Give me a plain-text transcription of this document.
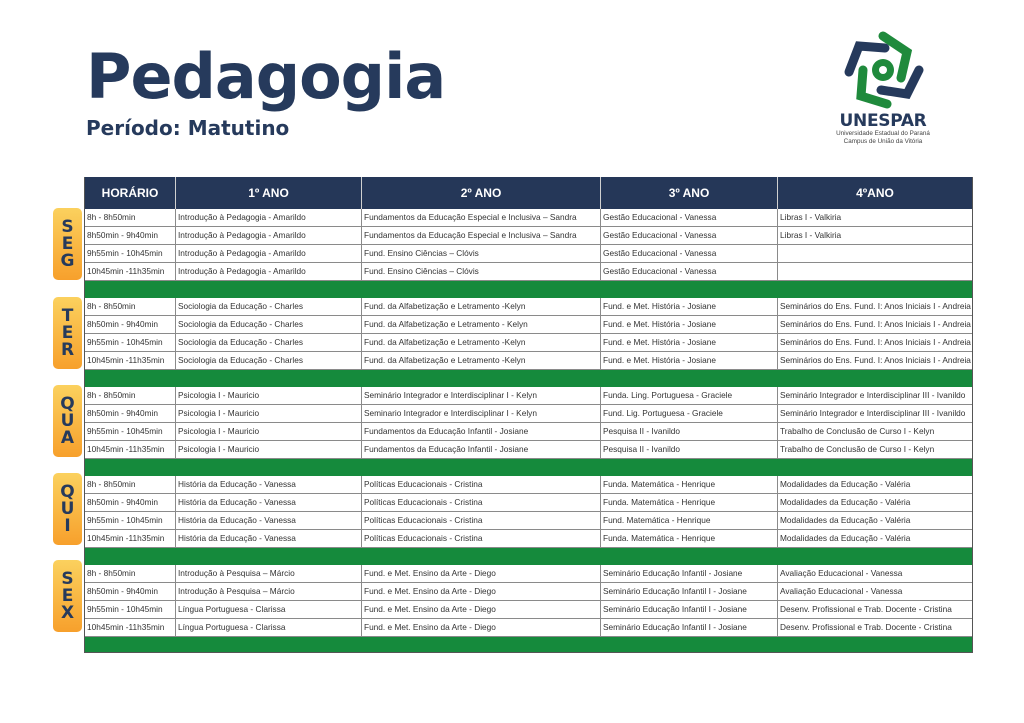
Pedagogia
Período: Matutino	UNESPAR
Universidade Estadual do Paraná
Campus de União da Vitória
HORÁRIO	1º ANO	2º ANO	3º ANO	4ºANO
8h - 8h50min	Introdução à Pedagogia - Amarildo	Fundamentos da Educação Especial e Inclusiva – Sandra	Gestão Educacional - Vanessa	Libras I - Valkiria
8h50min - 9h40min	Introdução à Pedagogia - Amarildo	Fundamentos da Educação Especial e Inclusiva – Sandra	Gestão Educacional - Vanessa	Libras I - Valkiria
9h55min - 10h45min	Introdução à Pedagogia - Amarildo	Fund. Ensino Ciências – Clóvis	Gestão Educacional - Vanessa
10h45min -11h35min	Introdução à Pedagogia - Amarildo	Fund. Ensino Ciências – Clóvis	Gestão Educacional - Vanessa
8h - 8h50min	Sociologia da Educação - Charles	Fund. da Alfabetização e Letramento -Kelyn	Fund. e Met. História - Josiane	Seminários do Ens. Fund. I: Anos Iniciais I - Andreia
8h50min - 9h40min	Sociologia da Educação - Charles	Fund. da Alfabetização e Letramento - Kelyn	Fund. e Met. História - Josiane	Seminários do Ens. Fund. I: Anos Iniciais I - Andreia
9h55min - 10h45min	Sociologia da Educação - Charles	Fund. da Alfabetização e Letramento -Kelyn	Fund. e Met. História - Josiane	Seminários do Ens. Fund. I: Anos Iniciais I - Andreia
10h45min -11h35min	Sociologia da Educação - Charles	Fund. da Alfabetização e Letramento -Kelyn	Fund. e Met. História - Josiane	Seminários do Ens. Fund. I: Anos Iniciais I - Andreia
8h - 8h50min	Psicologia I - Mauricio	Seminário Integrador e Interdisciplinar I - Kelyn	Funda. Ling. Portuguesa - Graciele	Seminário Integrador e Interdisciplinar III - Ivanildo
8h50min - 9h40min	Psicologia I - Mauricio	Seminario Integrador e Interdisciplinar I - Kelyn	Fund. Lig. Portuguesa - Graciele	Seminário Integrador e Interdisciplinar III - Ivanildo
9h55min - 10h45min	Psicologia I - Mauricio	Fundamentos da Educação Infantil - Josiane	Pesquisa II - Ivanildo	Trabalho de Conclusão de Curso I - Kelyn
10h45min -11h35min	Psicologia I - Mauricio	Fundamentos da Educação Infantil - Josiane	Pesquisa II - Ivanildo	Trabalho de Conclusão de Curso I - Kelyn
8h - 8h50min	História da Educação - Vanessa	Políticas Educacionais - Cristina	Funda. Matemática - Henrique	Modalidades da Educação - Valéria
8h50min - 9h40min	História da Educação - Vanessa	Políticas Educacionais - Cristina	Funda. Matemática - Henrique	Modalidades da Educação - Valéria
9h55min - 10h45min	História da Educação - Vanessa	Políticas Educacionais - Cristina	Fund. Matemática - Henrique	Modalidades da Educação - Valéria
10h45min -11h35min	História da Educação - Vanessa	Políticas Educacionais - Cristina	Funda. Matemática - Henrique	Modalidades da Educação - Valéria
8h - 8h50min	Introdução à Pesquisa – Márcio	Fund. e Met. Ensino da Arte - Diego	Seminário Educação Infantil - Josiane	Avaliação Educacional - Vanessa
8h50min - 9h40min	Introdução à Pesquisa – Márcio	Fund. e Met. Ensino da Arte - Diego	Seminário Educação Infantil I - Josiane	Avaliação Educacional - Vanessa
9h55min - 10h45min	Língua Portuguesa - Clarissa	Fund. e Met. Ensino da Arte - Diego	Seminário Educação Infantil I - Josiane	Desenv. Profissional e Trab. Docente - Cristina
10h45min -11h35min	Língua Portuguesa - Clarissa	Fund. e Met. Ensino da Arte - Diego	Seminário Educação Infantil I - Josiane	Desenv. Profissional e Trab. Docente - Cristina
S
E
G
T
E
R
Q
U
A
Q
U
I
S
E
X
